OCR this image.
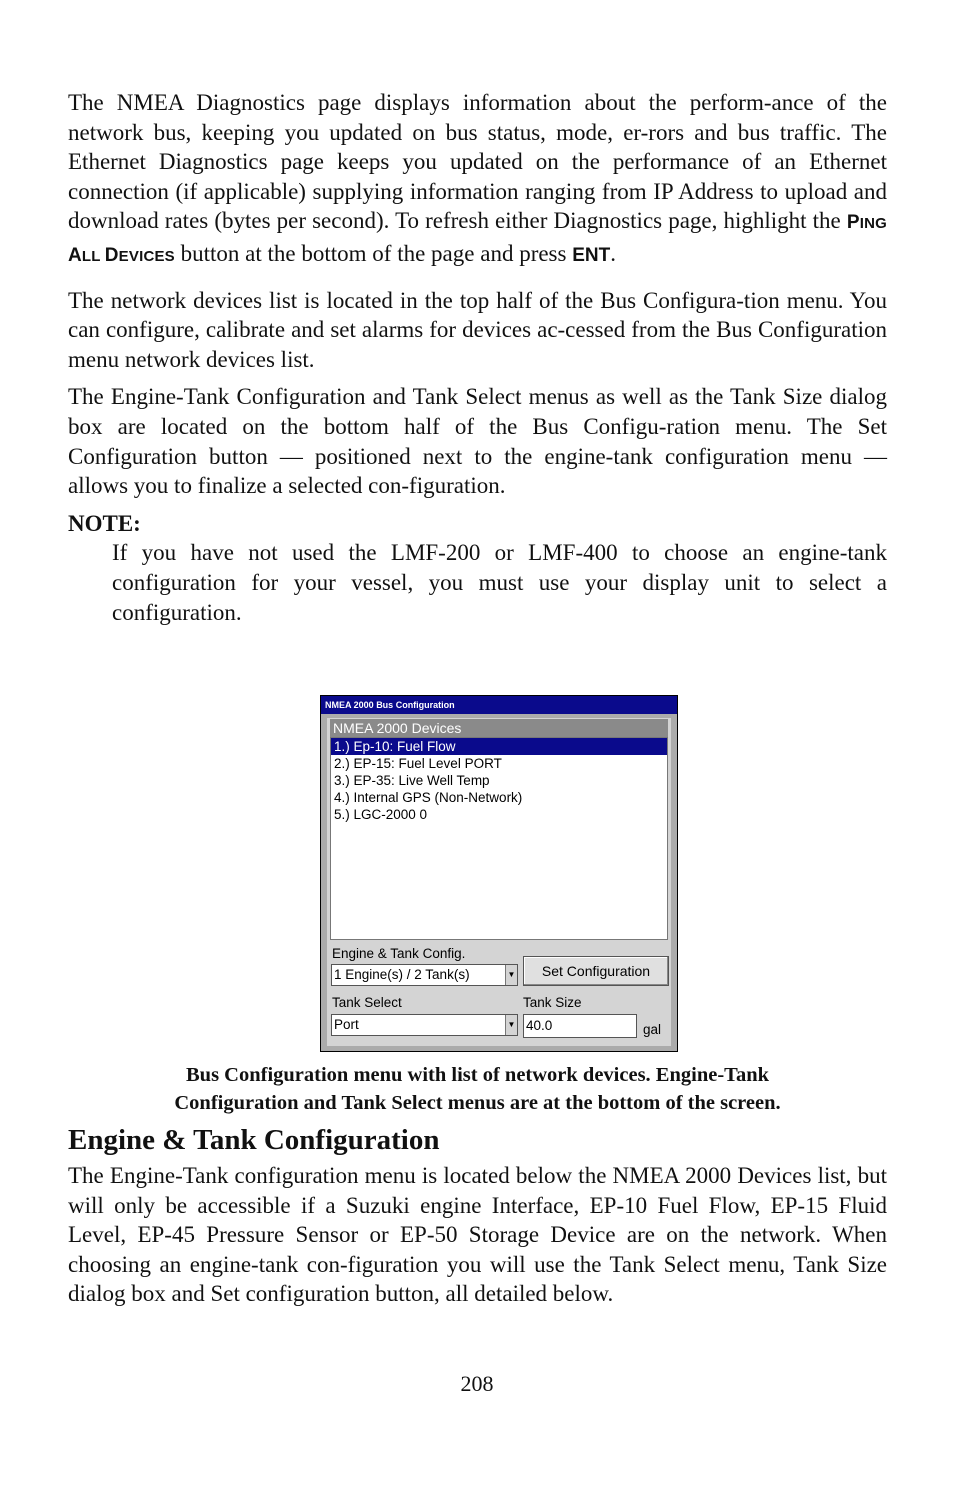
The NMEA Diagnostics page displays information about the perform-ance of the network bus, keeping you updated on bus status, mode, er-rors and bus traffic. The Ethernet Diagnostics page keeps you updated on the performance of an Ethernet connection (if applicable) supplying information ranging from IP Address to upload and download rates (bytes per second). To refresh either Diagnostics page, highlight the PING ALL DEVICES button at the bottom of the page and press ENT.

The network devices list is located in the top half of the Bus Configura-tion menu. You can configure, calibrate and set alarms for devices ac-cessed from the Bus Configuration menu network devices list.

The Engine-Tank Configuration and Tank Select menus as well as the Tank Size dialog box are located on the bottom half of the Bus Configu-ration menu. The Set Configuration button — positioned next to the engine-tank configuration menu — allows you to finalize a selected con-figuration.

NOTE:

If you have not used the LMF-200 or LMF-400 to choose an engine-tank configuration for your vessel, you must use your display unit to select a configuration.

NMEA 2000 Bus Configuration
NMEA 2000 Devices
1.) Ep-10: Fuel Flow
2.) EP-15: Fuel Level PORT
3.) EP-35: Live Well Temp
4.) Internal GPS (Non-Network)
5.) LGC-2000 0
Engine & Tank Config.
1 Engine(s) / 2 Tank(s)	▼	Set Configuration
Tank Select	Tank Size
Port	▼ 40.0	gal
Bus Configuration menu with list of network devices. Engine-Tank
Configuration and Tank Select menus are at the bottom of the screen.
Engine & Tank Configuration

The Engine-Tank configuration menu is located below the NMEA 2000 Devices list, but will only be accessible if a Suzuki engine Interface, EP-10 Fuel Flow, EP-15 Fluid Level, EP-45 Pressure Sensor or EP-50 Storage Device are on the network. When choosing an engine-tank con-figuration you will use the Tank Select menu, Tank Size dialog box and Set configuration button, all detailed below.

208
